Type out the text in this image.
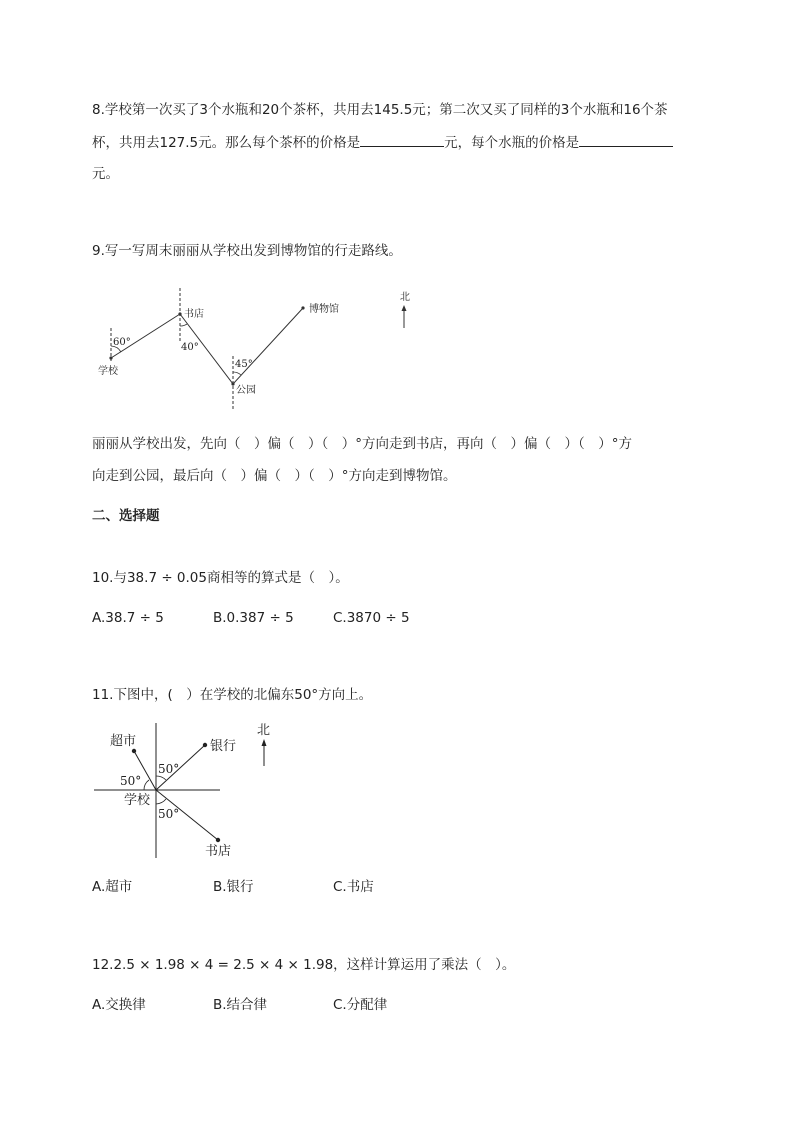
8.学校第一次买了3个水瓶和20个茶杯，共用去145.5元；第二次又买了同样的3个水瓶和16个茶
杯，共用去127.5元。那么每个茶杯的价格是	元，每个水瓶的价格是
元。
9.写一写周末丽丽从学校出发到博物馆的行走路线。
60°	40°
45°
学校
书店
公园
博物馆
北
丽丽从学校出发，先向（　）偏（　）（　）°方向走到书店，再向（　）偏（　）（　）°方
向走到公园，最后向（　）偏（　）（　）°方向走到博物馆。
二、选择题
10.与38.7 ÷ 0.05商相等的算式是（　）。
A.38.7 ÷ 5	B.0.387 ÷ 5	C.3870 ÷ 5
11.下图中，(　）在学校的北偏东50°方向上。
50°
50°
50°
学校
超市	银行
书店
北
A.超市	B.银行	C.书店
12.2.5 × 1.98 × 4 = 2.5 × 4 × 1.98，这样计算运用了乘法（　）。
A.交换律	B.结合律	C.分配律
